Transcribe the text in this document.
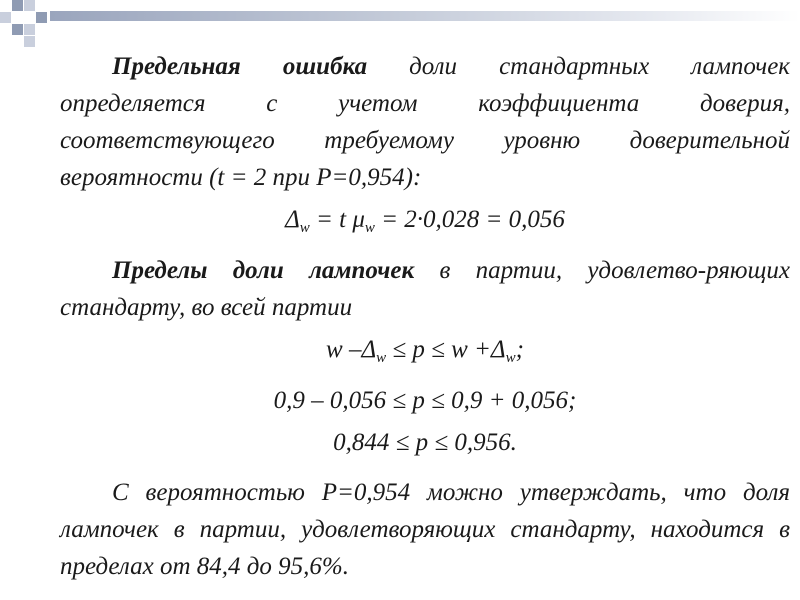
Предельная ошибка доли стандартных лампочек определяется с учетом коэффициента доверия, соответствующего требуемому уровню доверительной вероятности (t = 2 при P=0,954):

$\Delta_w = t$ $\mu_w = 2\cdot 0,028 = 0,056$

Пределы доли лампочек в партии, удовлетво-ряющих стандарту, во всей партии

w $-\Delta_w \le p \le w +\Delta_w$;
0,9 – 0,056 ≤ p ≤ 0,9 + 0,056;
0,844 ≤ p ≤ 0,956.

С вероятностью P=0,954 можно утверждать, что доля лампочек в партии, удовлетворяющих стандарту, находится в пределах от 84,4 до 95,6%.
